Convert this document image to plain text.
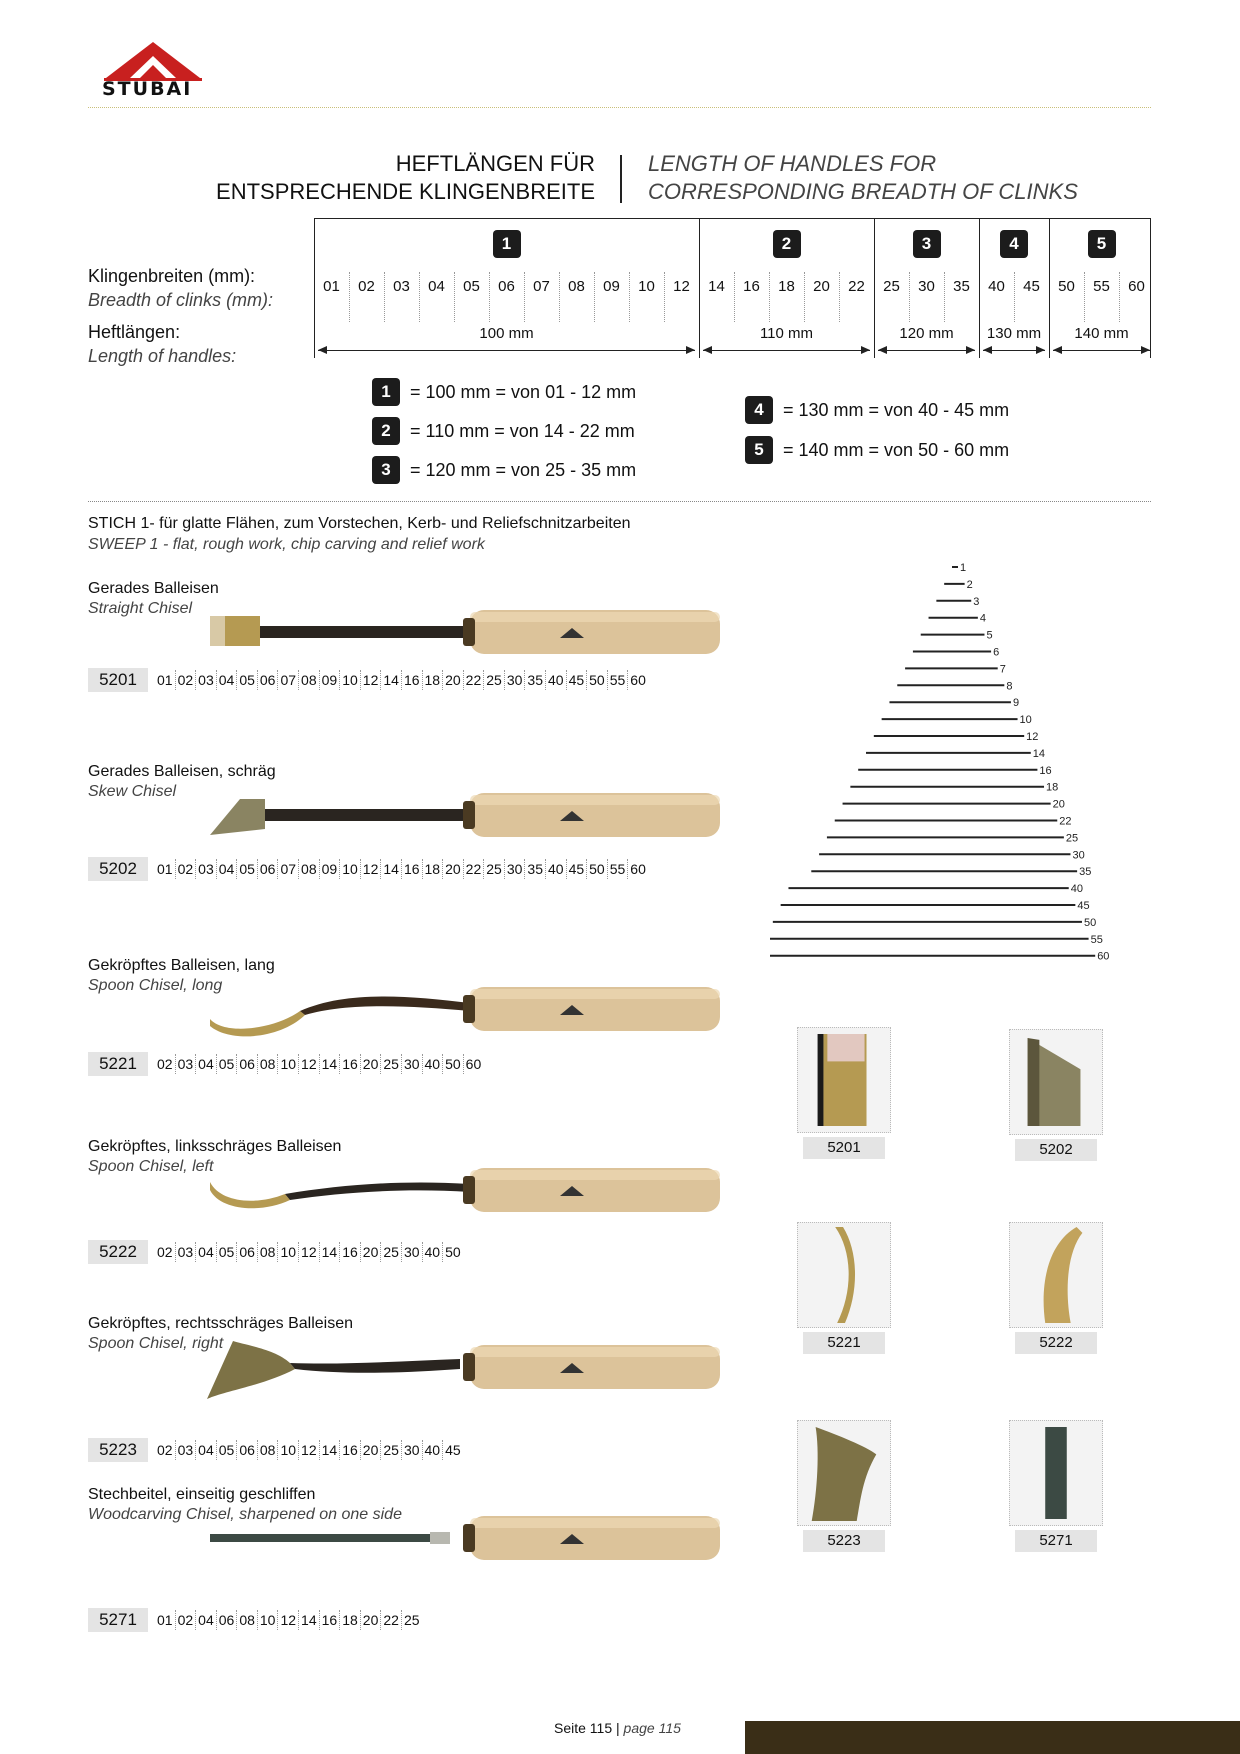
STUBAI
HEFTLÄNGEN FÜR
ENTSPRECHENDE KLINGENBREITE
LENGTH OF HANDLES FOR
CORRESPONDING BREADTH OF CLINKS
Klingenbreiten (mm):
Breadth of clinks (mm):
Heftlängen:
Length of handles:
01	02	03	04	05	06	07	08	09	10	12
1
100 mm
14	16	18	20	22
2
110 mm
25	30	35
3
120 mm
40	45
4
130 mm
50	55	60
5
140 mm
1	= 100 mm = von 01 - 12 mm
2	= 110 mm = von 14 - 22 mm
3	= 120 mm = von 25 - 35 mm
4	= 130 mm = von 40 - 45 mm
5	= 140 mm = von 50 - 60 mm
STICH 1- für glatte Flähen, zum Vorstechen, Kerb- und Reliefschnitzarbeiten
SWEEP 1 - flat, rough work, chip carving and relief work
Gerades Balleisen
Straight Chisel
5201	01 02 03 04 05 06 07 08 09 10 12 14 16 18 20 22 25 30 35 40 45 50 55 60
Gerades Balleisen, schräg
Skew Chisel
5202	01 02 03 04 05 06 07 08 09 10 12 14 16 18 20 22 25 30 35 40 45 50 55 60
Gekröpftes Balleisen, lang
Spoon Chisel, long
5221	02 03 04 05 06 08 10 12 14 16 20 25 30 40 50 60
Gekröpftes, linksschräges Balleisen
Spoon Chisel, left
5222	02 03 04 05 06 08 10 12 14 16 20 25 30 40 50
Gekröpftes, rechtsschräges Balleisen
Spoon Chisel, right
5223	02 03 04 05 06 08 10 12 14 16 20 25 30 40 45
Stechbeitel, einseitig geschliffen
Woodcarving Chisel, sharpened on one side
5271	01 02 04 06 08 10 12 14 16 18 20 22 25
1
2
3
4
5
6
7
8
9
10
12
14
16
18
20
22
25
30
35
40
45
50
55
60
5201	5202
5221	5222
5223	5271
Seite 115 | page 115
